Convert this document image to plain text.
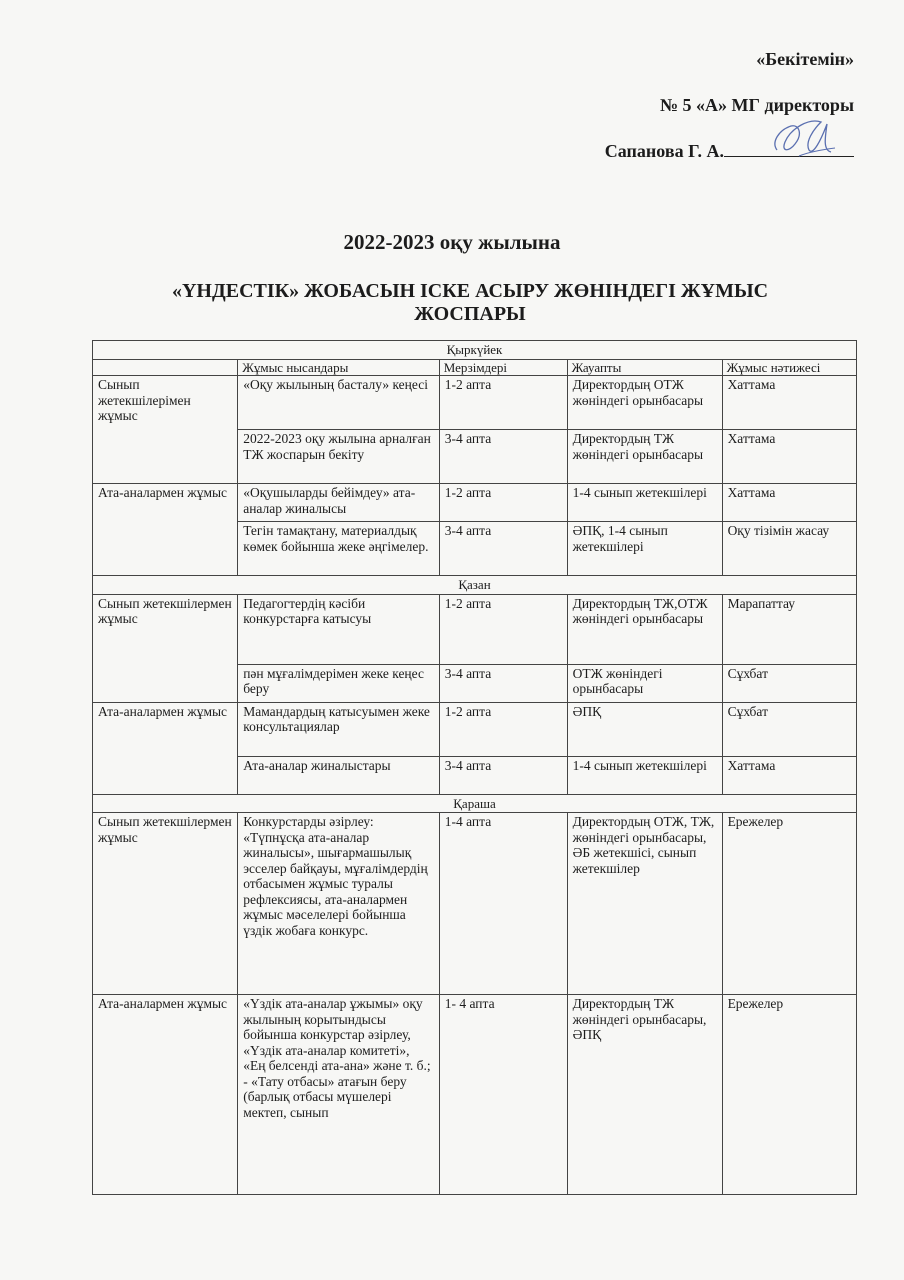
«Бекітемін»
№ 5 «А» МГ директоры
Сапанова Г. А.
2022-2023 оқу жылына
«ҮНДЕСТІК» ЖОБАСЫН ІСКЕ АСЫРУ ЖӨНІНДЕГІ ЖҰМЫС ЖОСПАРЫ
Қыркүйек				
	Жұмыс нысандары	Мерзімдері	Жауапты	Жұмыс нәтижесі
Сынып жетекшілерімен жұмыс	«Оқу жылының басталу» кеңесі	1-2 апта	Директордың ОТЖ жөніндегі орынбасары	Хаттама
	2022-2023 оқу жылына арналған ТЖ жоспарын бекіту	3-4 апта	Директордың ТЖ жөніндегі орынбасары	Хаттама
Ата-аналармен жұмыс	«Оқушыларды бейімдеу» ата-аналар жиналысы	1-2 апта	1-4 сынып жетекшілері	Хаттама
	Тегін тамақтану, материалдық көмек бойынша жеке әңгімелер.	3-4 апта	ӘПҚ, 1-4 сынып жетекшілері	Оқу тізімін жасау
Қазан				
Сынып жетекшілермен жұмыс	Педагогтердің кәсіби конкурстарға катысуы	1-2 апта	Директордың ТЖ,ОТЖ жөніндегі орынбасары	Марапаттау
	пән мұғалімдерімен жеке кеңес беру	3-4 апта	ОТЖ жөніндегі орынбасары	Сұхбат
Ата-аналармен жұмыс	Мамандардың катысуымен жеке консультациялар	1-2 апта	ӘПҚ	Сұхбат
	Ата-аналар жиналыстары	3-4 апта	1-4 сынып жетекшілері	Хаттама
Қараша				
Сынып жетекшілермен жұмыс	Конкурстарды әзірлеу: «Түпнұсқа ата-аналар жиналысы», шығармашылық эсселер байқауы, мұғалімдердің отбасымен жұмыс туралы рефлексиясы, ата-аналармен жұмыс мәселелері бойынша үздік жобаға конкурс.	1-4 апта	Директордың ОТЖ, ТЖ, жөніндегі орынбасары, ӘБ жетекшісі, сынып жетекшілер	Ережелер
Ата-аналармен жұмыс	«Үздік ата-аналар ұжымы» оқу жылының корытындысы бойынша конкурстар әзірлеу, «Үздік ата-аналар комитеті», «Ең белсенді ата-ана» және т. б.; - «Тату отбасы» атағын беру (барлық отбасы мүшелері мектеп, сынып	1- 4 апта	Директордың ТЖ жөніндегі орынбасары, ӘПҚ	Ережелер
